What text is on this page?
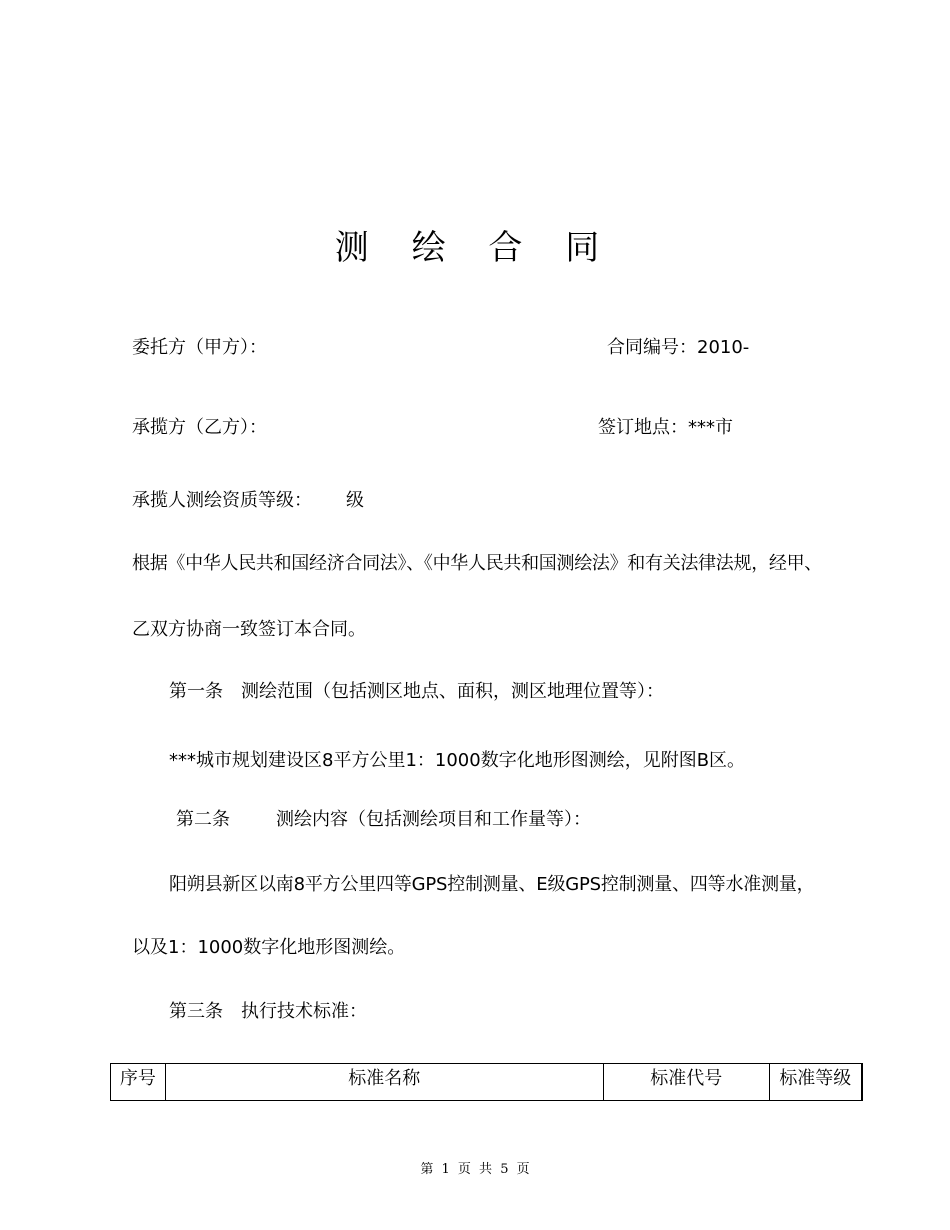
测 绘 合 同
委托方（甲方）：	合同编号：2010-
承揽方（乙方）：	签订地点：***市
承揽人测绘资质等级： 级
根据《中华人民共和国经济合同法》、《中华人民共和国测绘法》和有关法律法规，经甲、
乙双方协商一致签订本合同。
第一条　测绘范围（包括测区地点、面积，测区地理位置等）：
***城市规划建设区8平方公里1：1000数字化地形图测绘，见附图B区。
第二条	测绘内容（包括测绘项目和工作量等）：
阳朔县新区以南8平方公里四等GPS控制测量、E级GPS控制测量、四等水准测量，
以及1：1000数字化地形图测绘。
第三条　执行技术标准：
序号	标准名称	标准代号	标准等级
第 1 页 共 5 页
